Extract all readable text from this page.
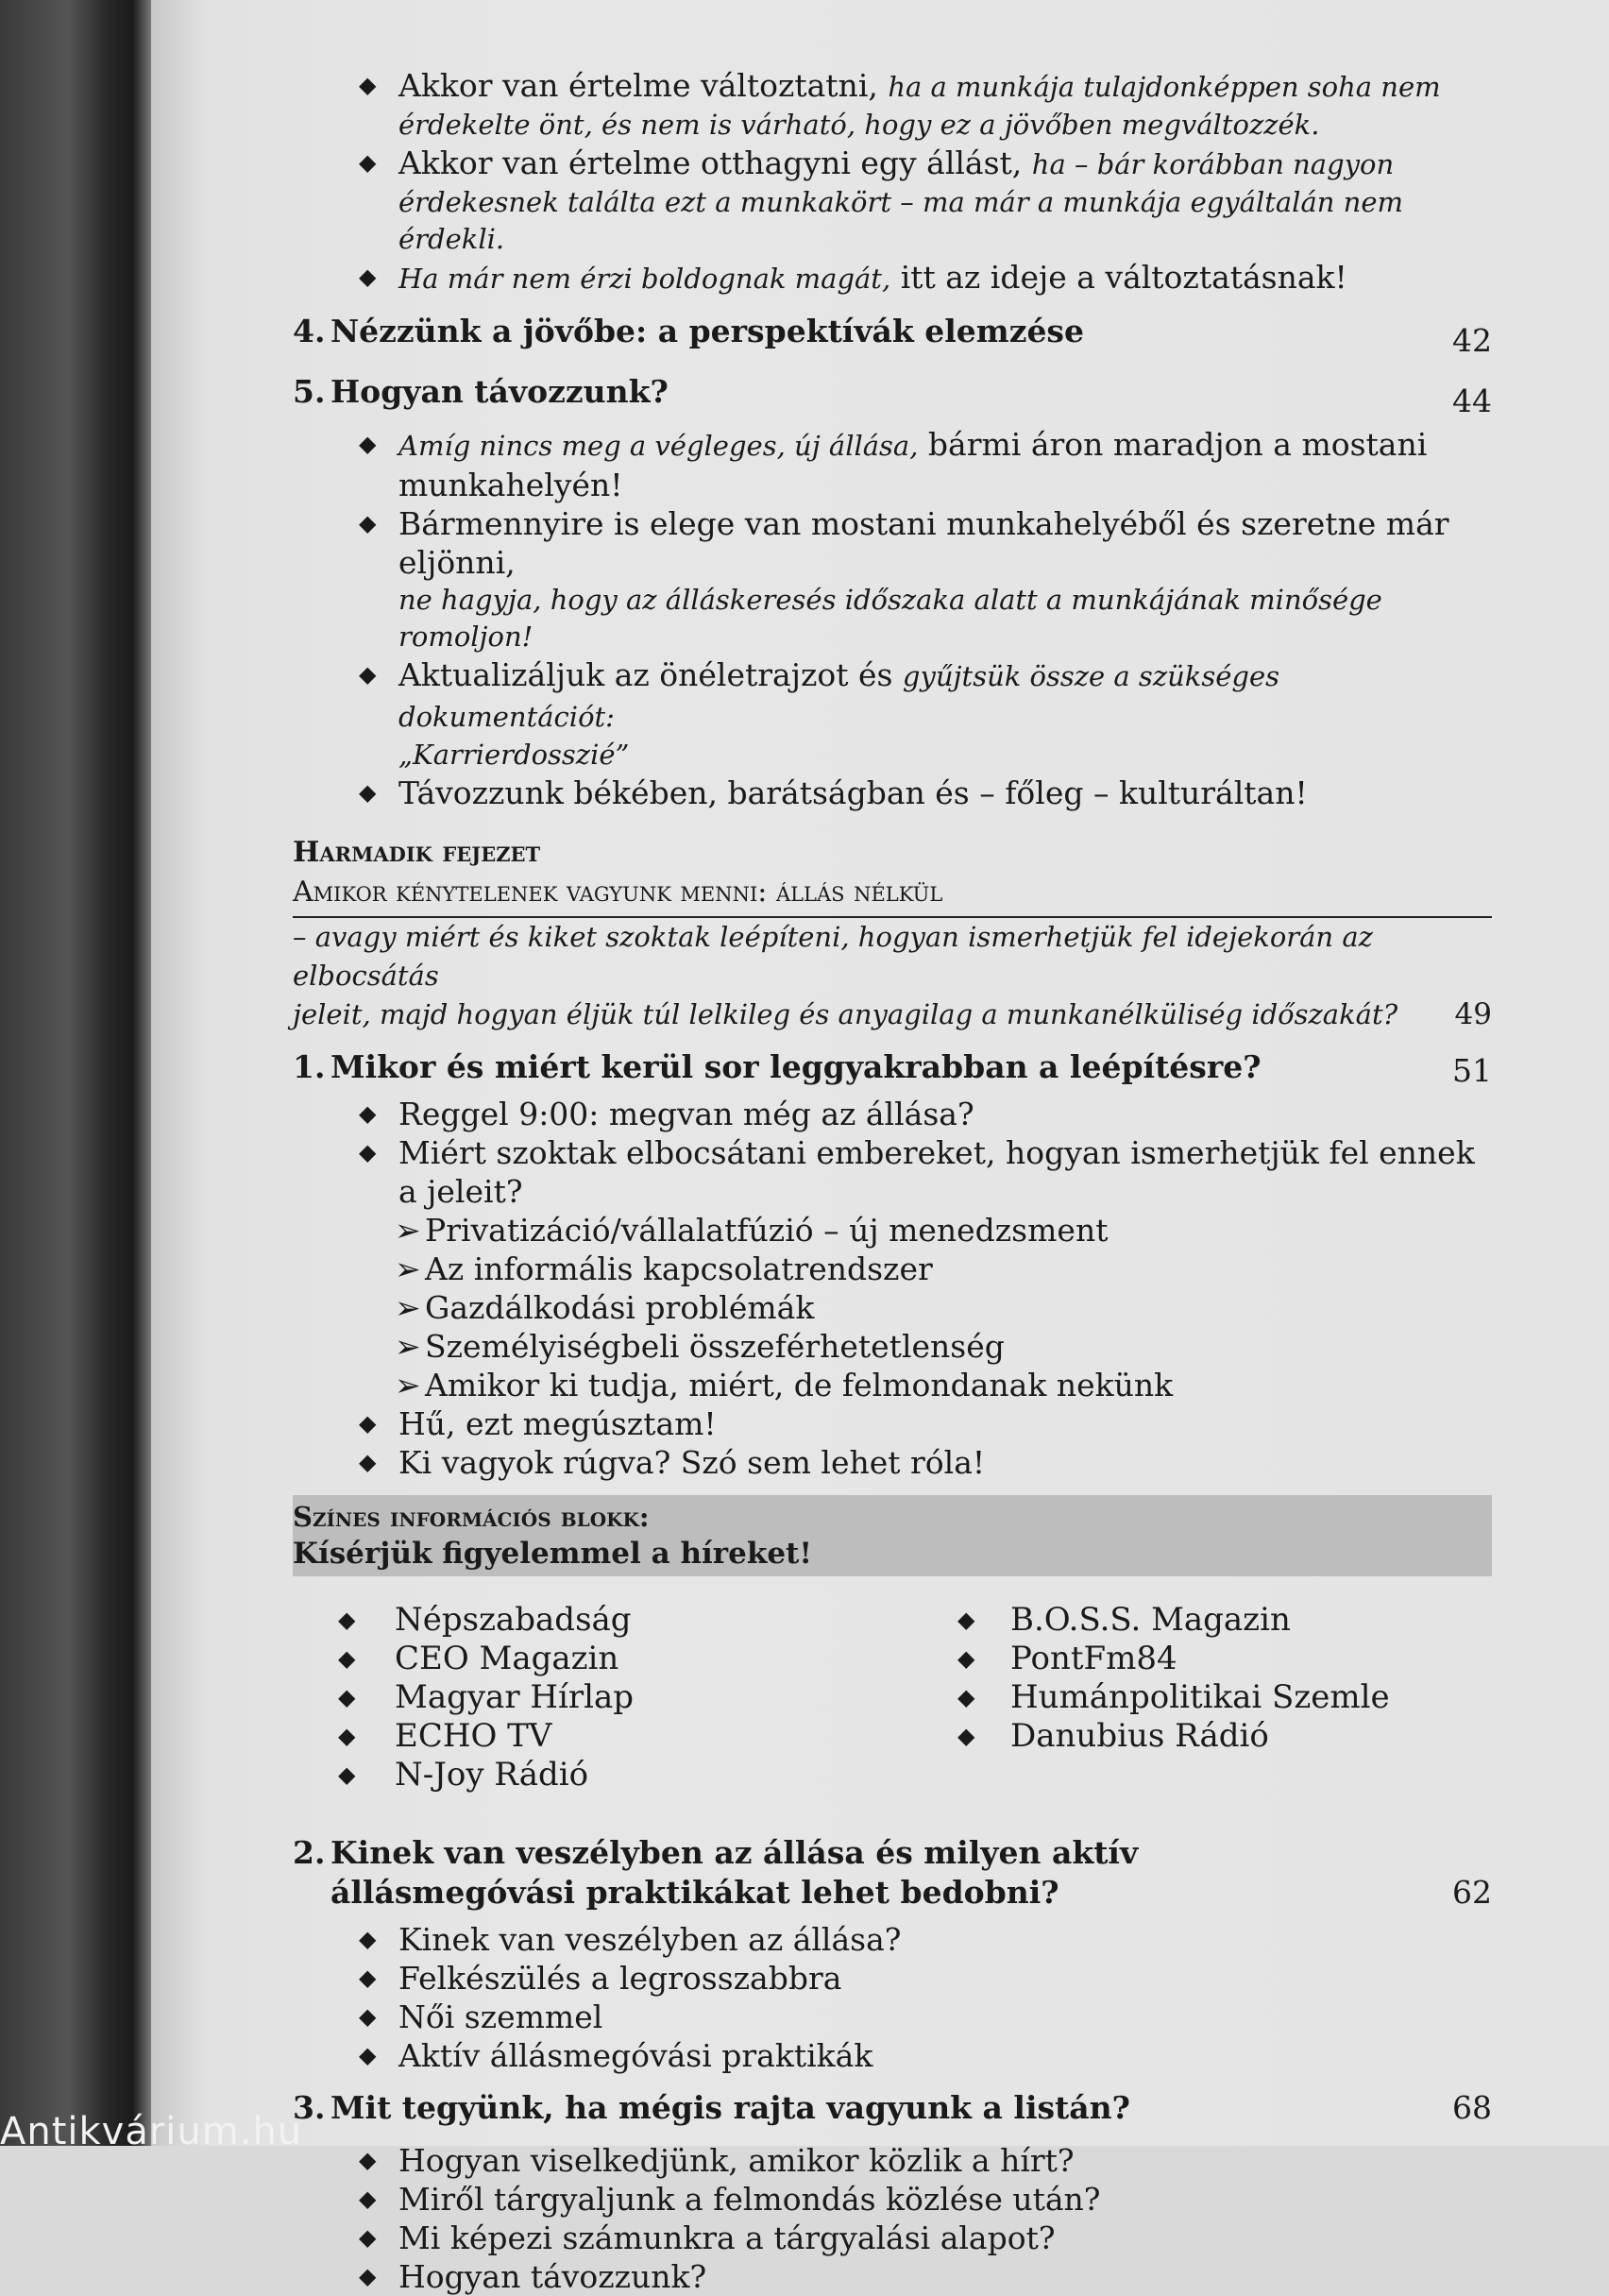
◆ Akkor van értelme változtatni, ha a munkája tulajdonképpen soha nem
érdekelte önt, és nem is várható, hogy ez a jövőben megváltozzék.
◆ Akkor van értelme otthagyni egy állást, ha – bár korábban nagyon
érdekesnek találta ezt a munkakört – ma már a munkája egyáltalán nem érdekli.
◆ Ha már nem érzi boldognak magát, itt az ideje a változtatásnak!
4. Nézzünk a jövőbe: a perspektívák elemzése	42
5. Hogyan távozzunk?	44
◆ Amíg nincs meg a végleges, új állása, bármi áron maradjon a mostani munkahelyén!
◆ Bármennyire is elege van mostani munkahelyéből és szeretne már eljönni,
ne hagyja, hogy az álláskeresés időszaka alatt a munkájának minősége romoljon!
◆ Aktualizáljuk az önéletrajzot és gyűjtsük össze a szükséges dokumentációt:
„Karrierdosszié”
◆ Távozzunk békében, barátságban és – főleg – kulturáltan!
Harmadik fejezet
Amikor kénytelenek vagyunk menni: állás nélkül
– avagy miért és kiket szoktak leépíteni, hogyan ismerhetjük fel idejekorán az elbocsátás
jeleit, majd hogyan éljük túl lelkileg és anyagilag a munkanélküliség időszakát? 49
1. Mikor és miért kerül sor leggyakrabban a leépítésre?	51
◆ Reggel 9:00: megvan még az állása?
◆ Miért szoktak elbocsátani embereket, hogyan ismerhetjük fel ennek a jeleit?
➢ Privatizáció/vállalatfúzió – új menedzsment
➢ Az informális kapcsolatrendszer
➢ Gazdálkodási problémák
➢ Személyiségbeli összeférhetetlenség
➢ Amikor ki tudja, miért, de felmondanak nekünk
◆ Hű, ezt megúsztam!
◆ Ki vagyok rúgva? Szó sem lehet róla!
Színes információs blokk:
Kísérjük figyelemmel a híreket!
◆ Népszabadság
◆ CEO Magazin
◆ Magyar Hírlap
◆ ECHO TV
◆ N-Joy Rádió
◆ B.O.S.S. Magazin
◆ PontFm84
◆ Humánpolitikai Szemle
◆ Danubius Rádió
2. Kinek van veszélyben az állása és milyen aktív
állásmegóvási praktikákat lehet bedobni?	62
◆ Kinek van veszélyben az állása?
◆ Felkészülés a legrosszabbra
◆ Női szemmel
◆ Aktív állásmegóvási praktikák
3. Mit tegyünk, ha mégis rajta vagyunk a listán?	68
◆ Hogyan viselkedjünk, amikor közlik a hírt?
◆ Miről tárgyaljunk a felmondás közlése után?
◆ Mi képezi számunkra a tárgyalási alapot?
◆ Hogyan távozzunk?
Antikvárium.hu
